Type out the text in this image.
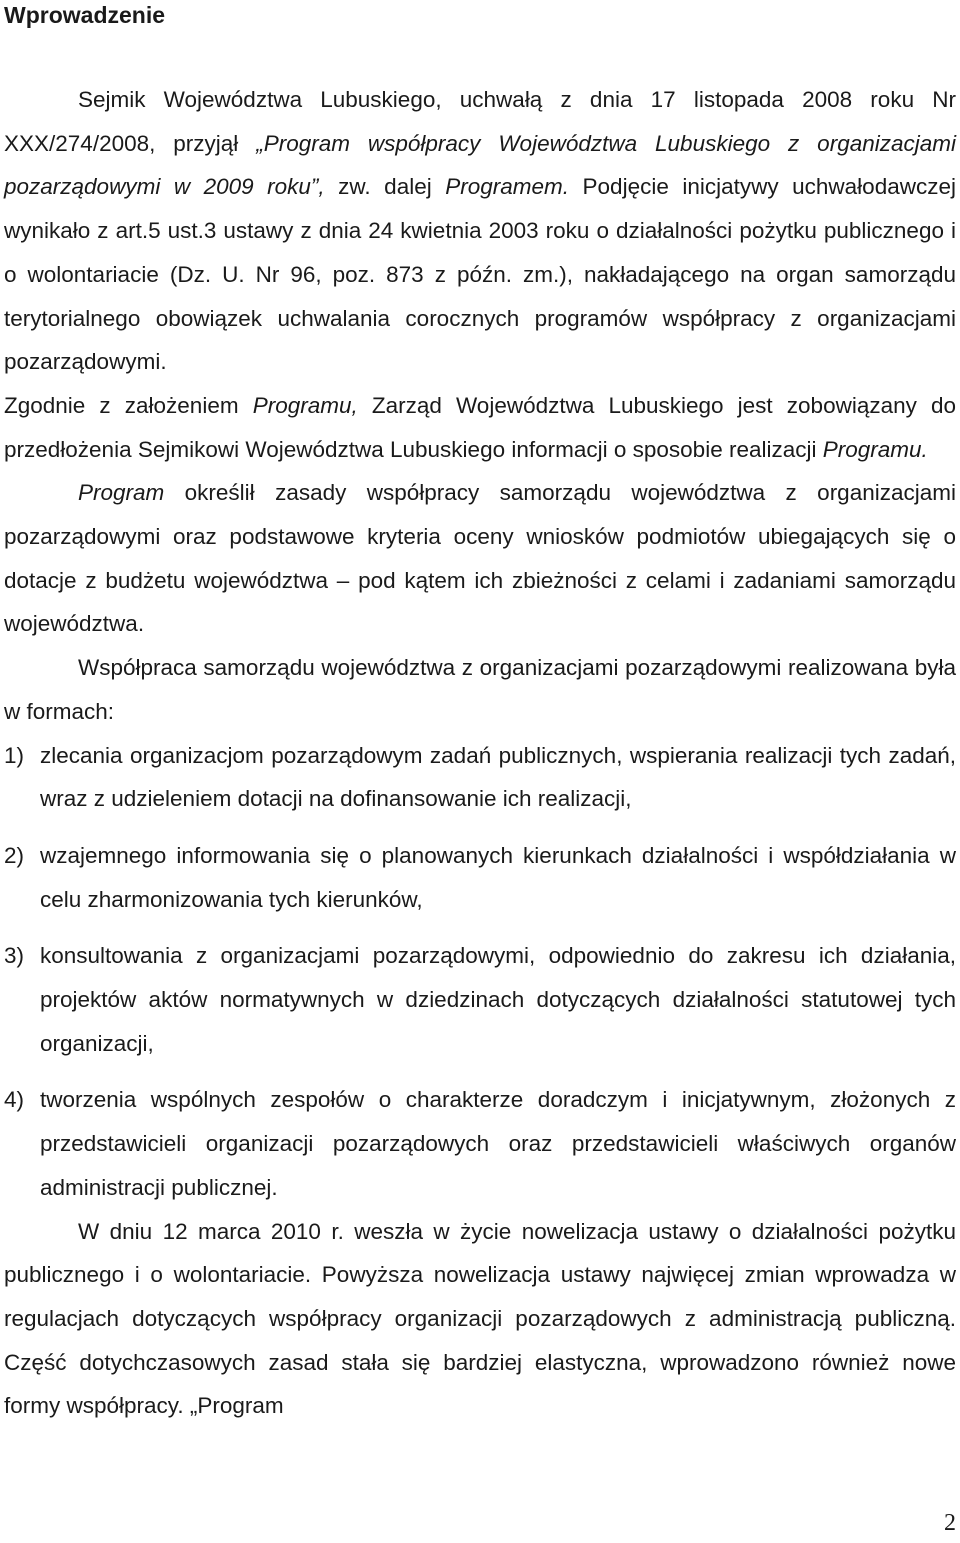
Wprowadzenie

Sejmik Województwa Lubuskiego, uchwałą z dnia 17 listopada 2008 roku Nr XXX/274/2008, przyjął „Program współpracy Województwa Lubuskiego z organizacjami pozarządowymi w 2009 roku”, zw. dalej Programem. Podjęcie inicjatywy uchwałodawczej wynikało z art.5 ust.3 ustawy z dnia 24 kwietnia 2003 roku o działalności pożytku publicznego i o wolontariacie (Dz. U. Nr 96, poz. 873 z późn. zm.), nakładającego na organ samorządu terytorialnego obowiązek uchwalania corocznych programów współpracy z organizacjami pozarządowymi.

Zgodnie z założeniem Programu, Zarząd Województwa Lubuskiego jest zobowiązany do przedłożenia Sejmikowi Województwa Lubuskiego informacji o sposobie realizacji Programu.

Program określił zasady współpracy samorządu województwa z organizacjami pozarządowymi oraz podstawowe kryteria oceny wniosków podmiotów ubiegających się o dotacje z budżetu województwa – pod kątem ich zbieżności z celami i zadaniami samorządu województwa.

Współpraca samorządu województwa z organizacjami pozarządowymi realizowana była w formach:

1) zlecania organizacjom pozarządowym zadań publicznych, wspierania realizacji tych zadań, wraz z udzieleniem dotacji na dofinansowanie ich realizacji,
2) wzajemnego informowania się o planowanych kierunkach działalności i współdziałania w celu zharmonizowania tych kierunków,
3) konsultowania z organizacjami pozarządowymi, odpowiednio do zakresu ich działania, projektów aktów normatywnych w dziedzinach dotyczących działalności statutowej tych organizacji,
4) tworzenia wspólnych zespołów o charakterze doradczym i inicjatywnym, złożonych z przedstawicieli organizacji pozarządowych oraz przedstawicieli właściwych organów administracji publicznej.

W dniu 12 marca 2010 r. weszła w życie nowelizacja ustawy o działalności pożytku publicznego i o wolontariacie. Powyższa nowelizacja ustawy najwięcej zmian wprowadza w regulacjach dotyczących współpracy organizacji pozarządowych z administracją publiczną. Część dotychczasowych zasad stała się bardziej elastyczna, wprowadzono również nowe formy współpracy. „Program

2
